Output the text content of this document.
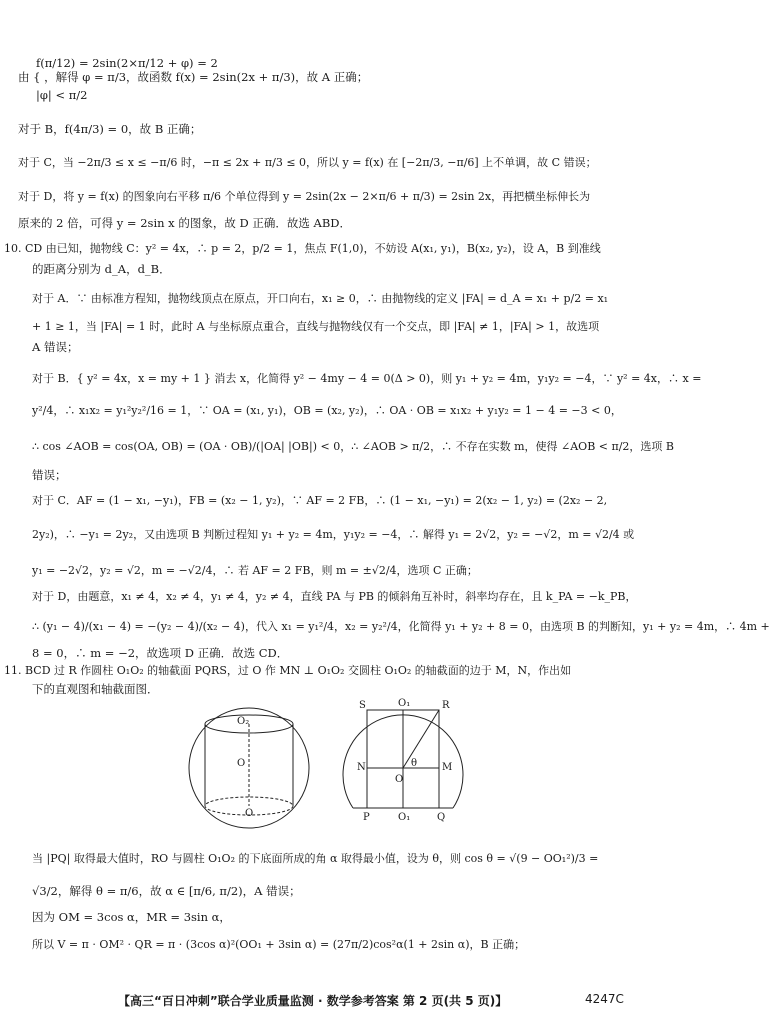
f(π/12) = 2sin(2×π/12 + φ) = 2
由 { ，解得 φ = π/3，故函数 f(x) = 2sin(2x + π/3)，故 A 正确；
|φ| < π/2
对于 B，f(4π/3) = 0，故 B 正确；
对于 C，当 −2π/3 ≤ x ≤ −π/6 时，−π ≤ 2x + π/3 ≤ 0，所以 y = f(x) 在 [−2π/3, −π/6] 上不单调，故 C 错误；
对于 D，将 y = f(x) 的图象向右平移 π/6 个单位得到 y = 2sin(2x − 2×π/6 + π/3) = 2sin 2x，再把横坐标伸长为
原来的 2 倍，可得 y = 2sin x 的图象，故 D 正确．故选 ABD．
10. CD 由已知，抛物线 C：y² = 4x，∴ p = 2，p/2 = 1，焦点 F(1,0)，不妨设 A(x₁, y₁)，B(x₂, y₂)，设 A，B 到准线
的距离分别为 d_A，d_B．
对于 A．∵ 由标准方程知，抛物线顶点在原点，开口向右，x₁ ≥ 0，∴ 由抛物线的定义 |FA| = d_A = x₁ + p/2 = x₁
+ 1 ≥ 1，当 |FA| = 1 时，此时 A 与坐标原点重合，直线与抛物线仅有一个交点，即 |FA| ≠ 1，|FA| > 1，故选项
A 错误；
对于 B．{ y² = 4x，x = my + 1 } 消去 x，化简得 y² − 4my − 4 = 0(Δ > 0)，则 y₁ + y₂ = 4m，y₁y₂ = −4，∵ y² = 4x，∴ x =
y²/4，∴ x₁x₂ = y₁²y₂²/16 = 1，∵ OA = (x₁, y₁)，OB = (x₂, y₂)，∴ OA · OB = x₁x₂ + y₁y₂ = 1 − 4 = −3 < 0，
∴ cos ∠AOB = cos(OA, OB) = (OA · OB)/(|OA| |OB|) < 0，∴ ∠AOB > π/2，∴ 不存在实数 m，使得 ∠AOB < π/2，选项 B
错误；
对于 C．AF = (1 − x₁, −y₁)，FB = (x₂ − 1, y₂)，∵ AF = 2 FB，∴ (1 − x₁, −y₁) = 2(x₂ − 1, y₂) = (2x₂ − 2,
2y₂)，∴ −y₁ = 2y₂，又由选项 B 判断过程知 y₁ + y₂ = 4m，y₁y₂ = −4，∴ 解得 y₁ = 2√2，y₂ = −√2，m = √2/4 或
y₁ = −2√2，y₂ = √2，m = −√2/4，∴ 若 AF = 2 FB，则 m = ±√2/4，选项 C 正确；
对于 D，由题意，x₁ ≠ 4，x₂ ≠ 4，y₁ ≠ 4，y₂ ≠ 4，直线 PA 与 PB 的倾斜角互补时，斜率均存在，且 k_PA = −k_PB，
∴ (y₁ − 4)/(x₁ − 4) = −(y₂ − 4)/(x₂ − 4)，代入 x₁ = y₁²/4，x₂ = y₂²/4，化简得 y₁ + y₂ + 8 = 0，由选项 B 的判断知，y₁ + y₂ = 4m，∴ 4m +
8 = 0，∴ m = −2，故选项 D 正确．故选 CD．
11. BCD 过 R 作圆柱 O₁O₂ 的轴截面 PQRS，过 O 作 MN ⊥ O₁O₂ 交圆柱 O₁O₂ 的轴截面的边于 M，N，作出如
下的直观图和轴截面图．
当 |PQ| 取得最大值时，RO 与圆柱 O₁O₂ 的下底面所成的角 α 取得最小值，设为 θ，则 cos θ = √(9 − OO₁²)/3 =
√3/2，解得 θ = π/6，故 α ∈ [π/6, π/2)，A 错误；
因为 OM = 3cos α，MR = 3sin α，
所以 V = π · OM² · QR = π · (3cos α)²(OO₁ + 3sin α) = (27π/2)cos²α(1 + 2sin α)，B 正确；
O₂
O
O
S	O₁	R
N	θ M
O
P	O₁	Q
【高三“百日冲刺”联合学业质量监测 · 数学参考答案 第 2 页(共 5 页)】	4247C
